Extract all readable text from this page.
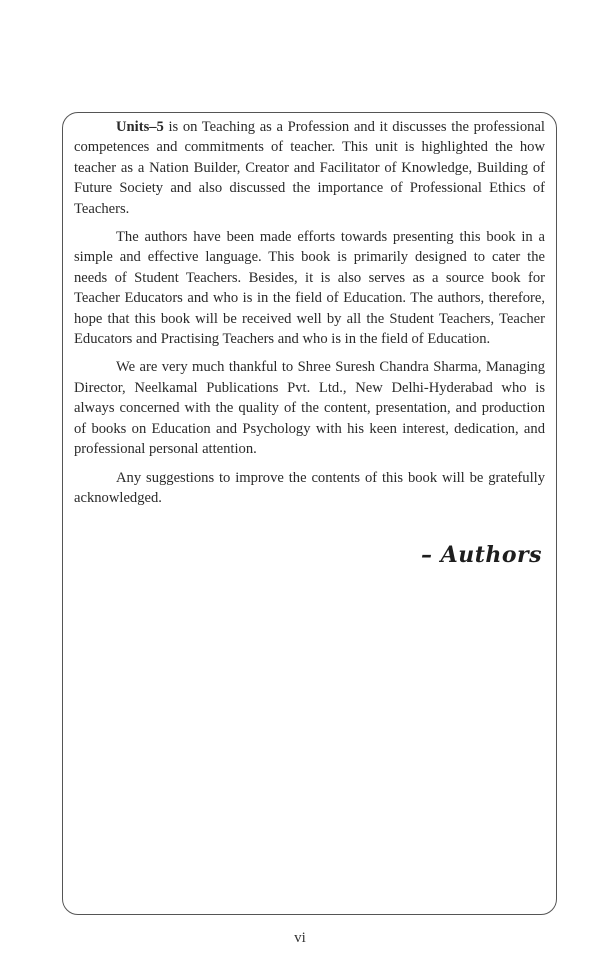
Units–5 is on Teaching as a Profession and it discusses the professional competences and commitments of teacher. This unit is highlighted the how teacher as a Nation Builder, Creator and Facilitator of Knowledge, Building of Future Society and also discussed the importance of Professional Ethics of Teachers.

The authors have been made efforts towards presenting this book in a simple and effective language. This book is primarily designed to cater the needs of Student Teachers. Besides, it is also serves as a source book for Teacher Educators and who is in the field of Education. The authors, therefore, hope that this book will be received well by all the Student Teachers, Teacher Educators and Practising Teachers and who is in the field of Education.

We are very much thankful to Shree Suresh Chandra Sharma, Managing Director, Neelkamal Publications Pvt. Ltd., New Delhi-Hyderabad who is always concerned with the quality of the content, presentation, and production of books on Education and Psychology with his keen interest, dedication, and professional personal attention.

Any suggestions to improve the contents of this book will be gratefully acknowledged.

– Authors
vi
